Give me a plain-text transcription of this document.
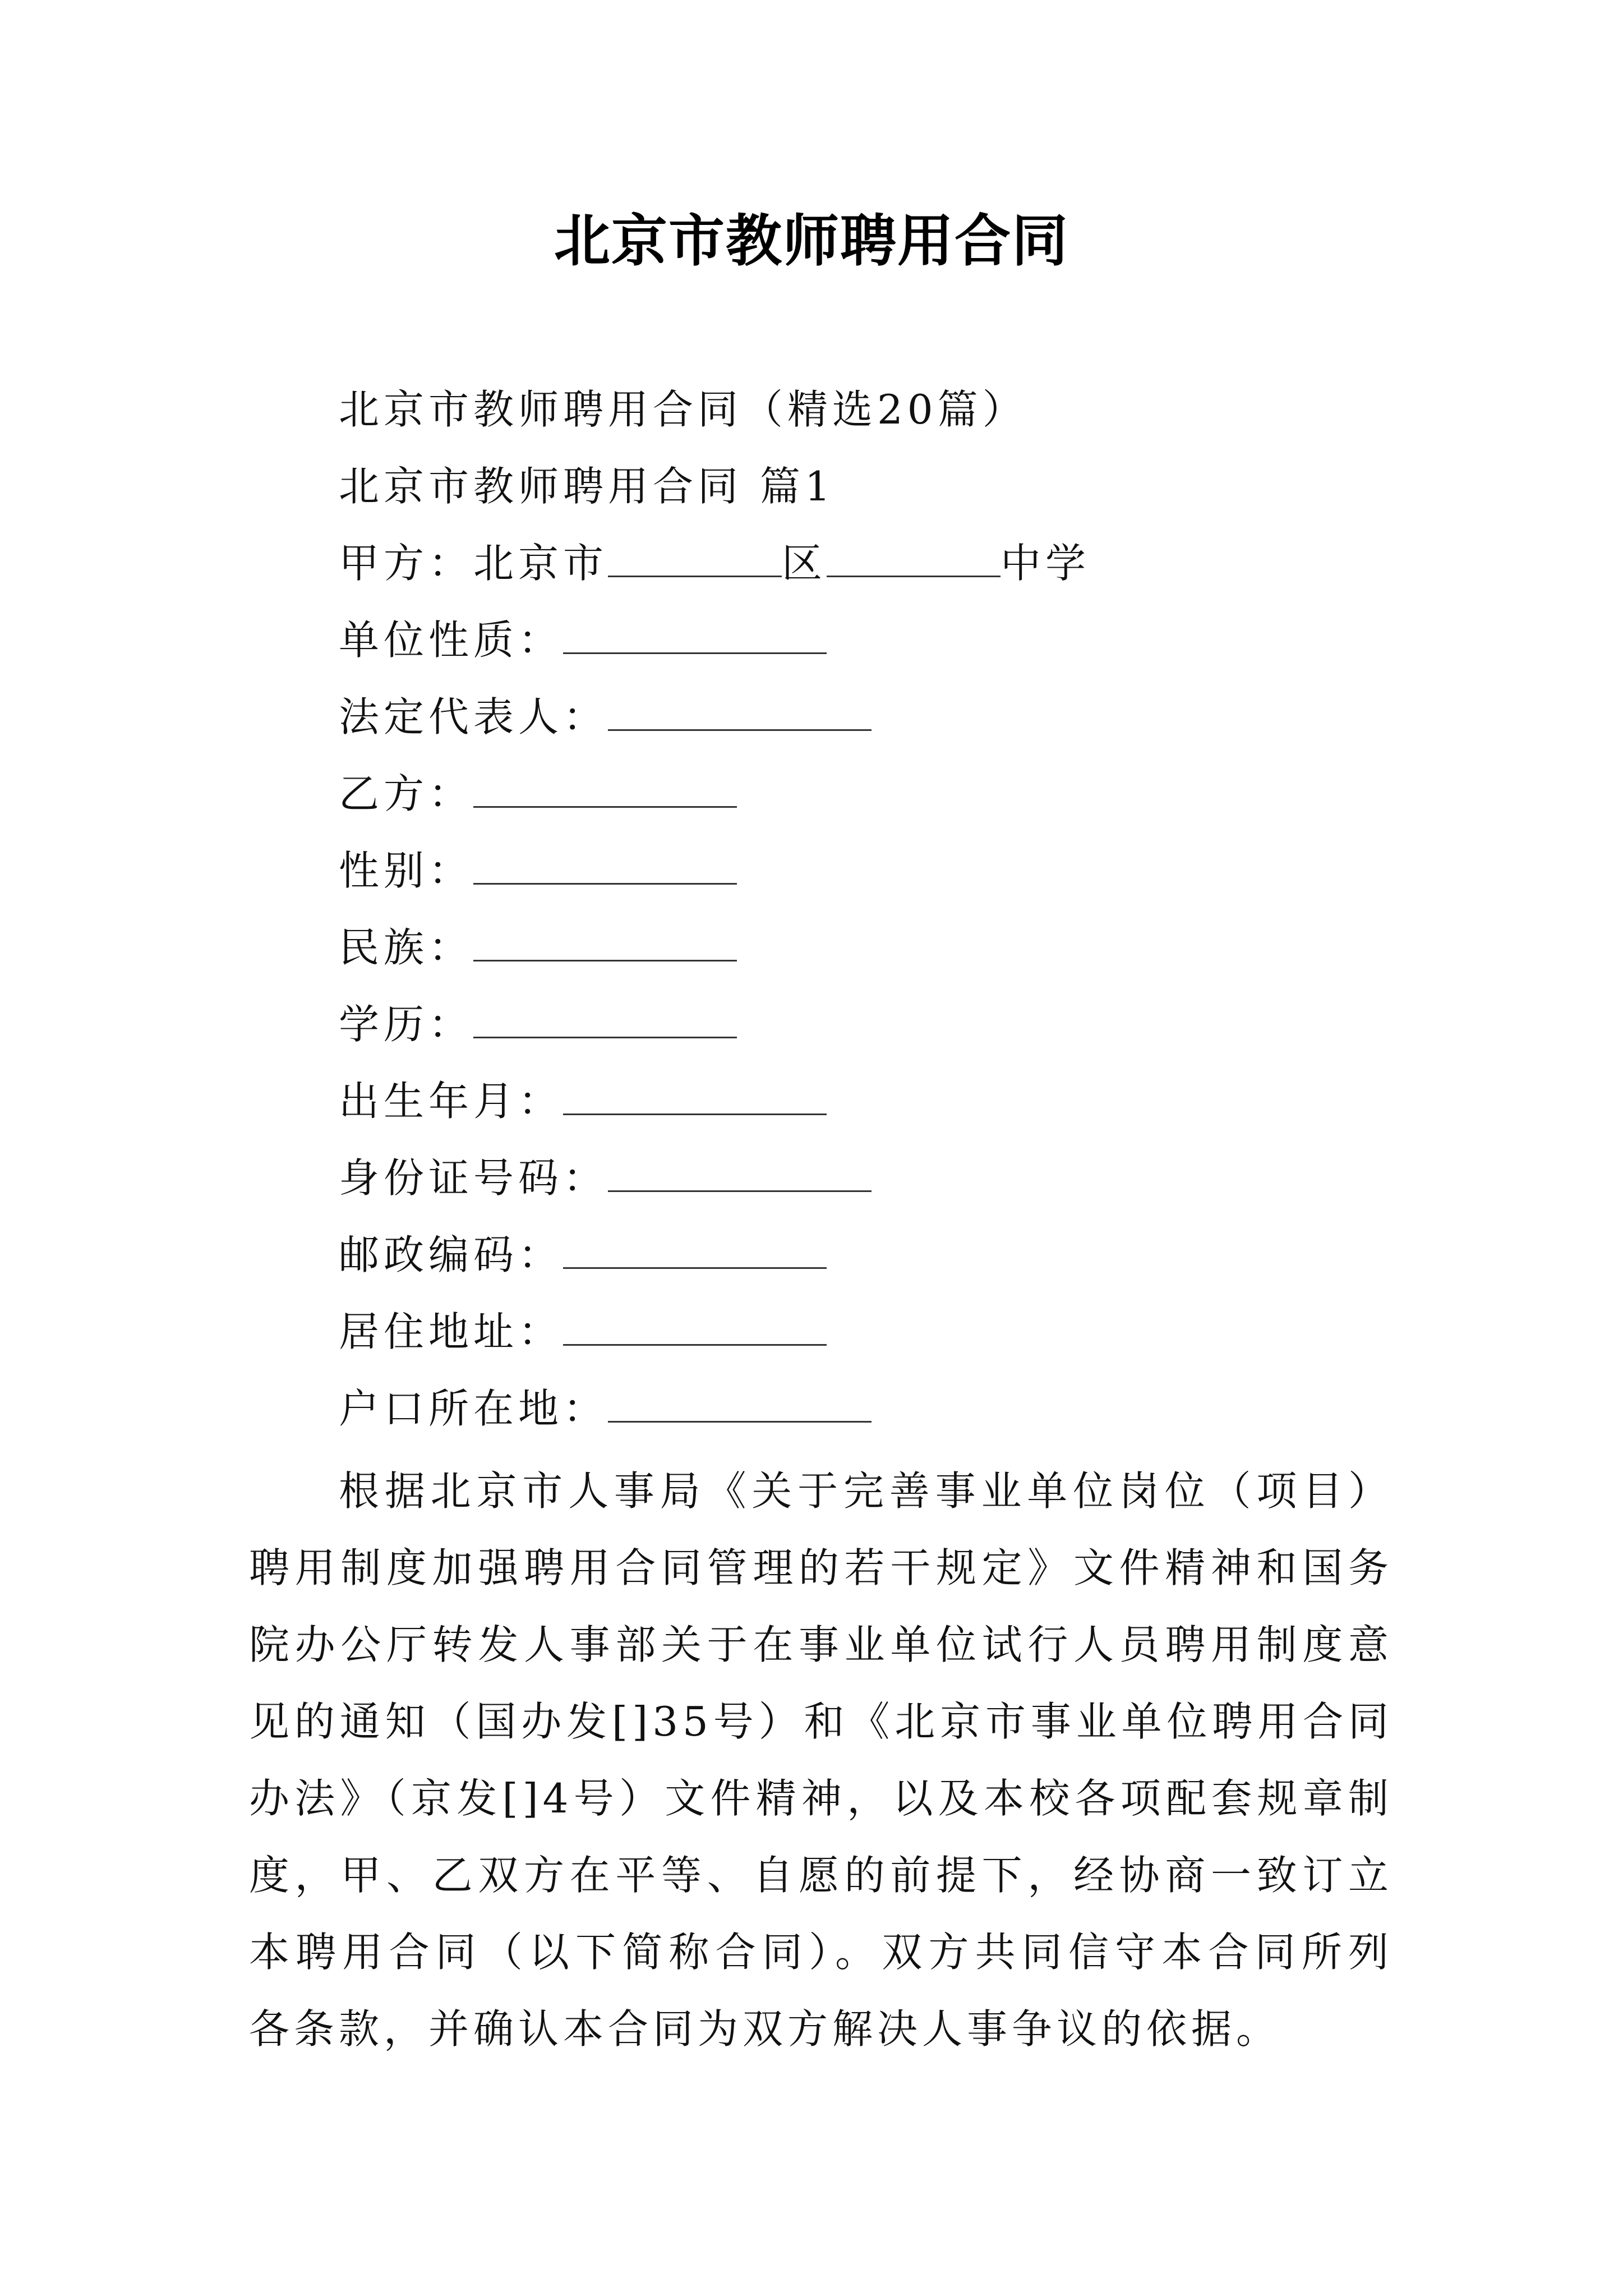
北京市教师聘用合同
北京市教师聘用合同（精选20篇）
北京市教师聘用合同 篇1
甲方：北京市	区	中学
单位性质：
法定代表人：
乙方：
性别：
民族：
学历：
出生年月：
身份证号码：
邮政编码：
居住地址：
户口所在地：
根据北京市人事局《关于完善事业单位岗位（项目）聘用制度加强聘用合同管理的若干规定》文件精神和国务院办公厅转发人事部关于在事业单位试行人员聘用制度意见的通知（国办发[]35号）和《北京市事业单位聘用合同办法》（京发[]4号）文件精神，以及本校各项配套规章制度，甲、乙双方在平等、自愿的前提下，经协商一致订立本聘用合同（以下简称合同）。双方共同信守本合同所列各条款，并确认本合同为双方解决人事争议的依据。
